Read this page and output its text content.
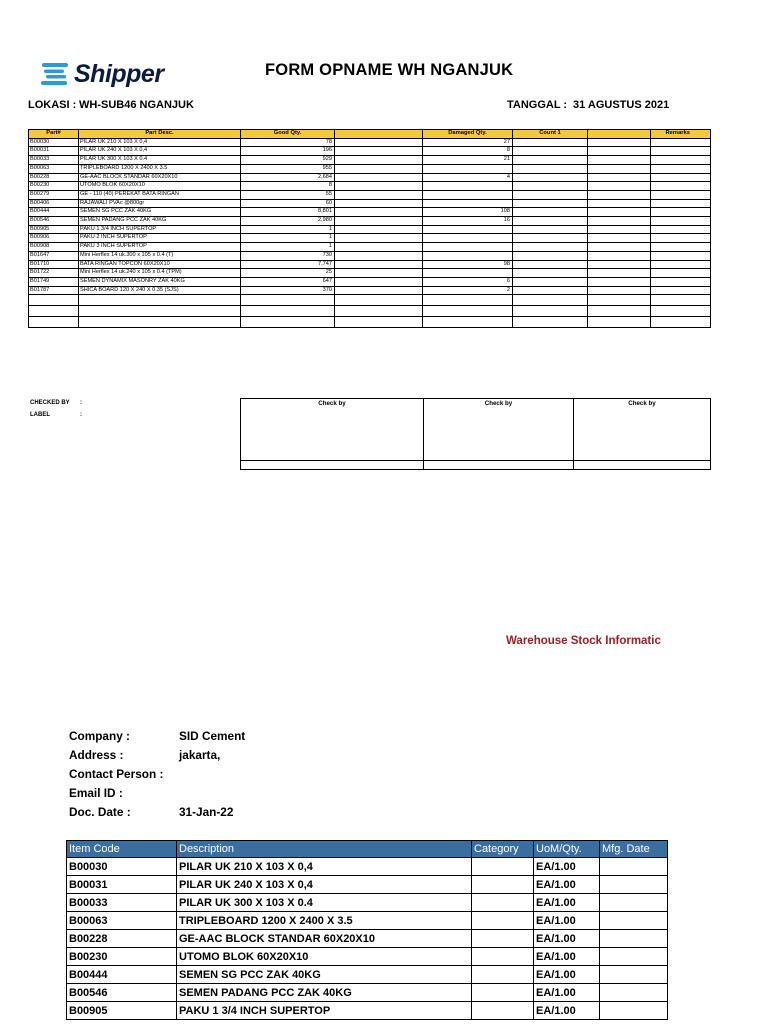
Shipper	FORM OPNAME WH NGANJUK
LOKASI : WH-SUB46 NGANJUK	TANGGAL : 31 AGUSTUS 2021
Part#	Part Desc.	Good Qty.		Damaged Qty.	Count 1		Remarks
B00030	PILAR UK 210 X 103 X 0,4	78		27			
B00031	PILAR UK 240 X 103 X 0,4	196		8			
B00033	PILAR UK 300 X 103 X 0.4	929		21			
B00063	TRIPLEBOARD 1200 X 2400 X 3.5	955					
B00228	GE-AAC BLOCK STANDAR 60X20X10	2,684		4			
B00230	UTOMO BLOK 60X20X10	8					
B00279	GE - 110 (40) PEREKAT BATA RINGAN	55					
B00406	RAJAWALI PVAc @800gr	60					
B00444	SEMEN SG PCC ZAK 40KG	8,801		108			
B00546	SEMEN PADANG PCC ZAK 40KG	2,980		16			
B00905	PAKU 1 3/4 INCH SUPERTOP	1					
B00906	PAKU 2 INCH SUPERTOP	1					
B00908	PAKU 3 INCH SUPERTOP	1					
B01647	Mini Herflex 14 uk.300 x 105 x 0.4 (T)	730					
B01710	BATA RINGAN TOPCON 60X20X10	7,747		98			
B01722	Mini Herflex 14 uk.240 x 105 x 0.4 (TPM)	25					
B01749	SEMEN DYNAMIX MASONRY ZAK 40KG	647		6			
B01787	SHICA BOARD 120 X 240 X 0.35 (SJS)	370		2			

CHECKED BY :
LABEL	:
Check by	Check by	Check by

Warehouse Stock Informatic
Company :	SID Cement
Address :	jakarta,
Contact Person :
Email ID :
Doc. Date :	31-Jan-22
Item Code	Description	Category	UoM/Qty.	Mfg. Date
B00030	PILAR UK 210 X 103 X 0,4		EA/1.00	
B00031	PILAR UK 240 X 103 X 0,4		EA/1.00	
B00033	PILAR UK 300 X 103 X 0.4		EA/1.00	
B00063	TRIPLEBOARD 1200 X 2400 X 3.5		EA/1.00	
B00228	GE-AAC BLOCK STANDAR 60X20X10		EA/1.00	
B00230	UTOMO BLOK 60X20X10		EA/1.00	
B00444	SEMEN SG PCC ZAK 40KG		EA/1.00	
B00546	SEMEN PADANG PCC ZAK 40KG		EA/1.00	
B00905	PAKU 1 3/4 INCH SUPERTOP		EA/1.00	
